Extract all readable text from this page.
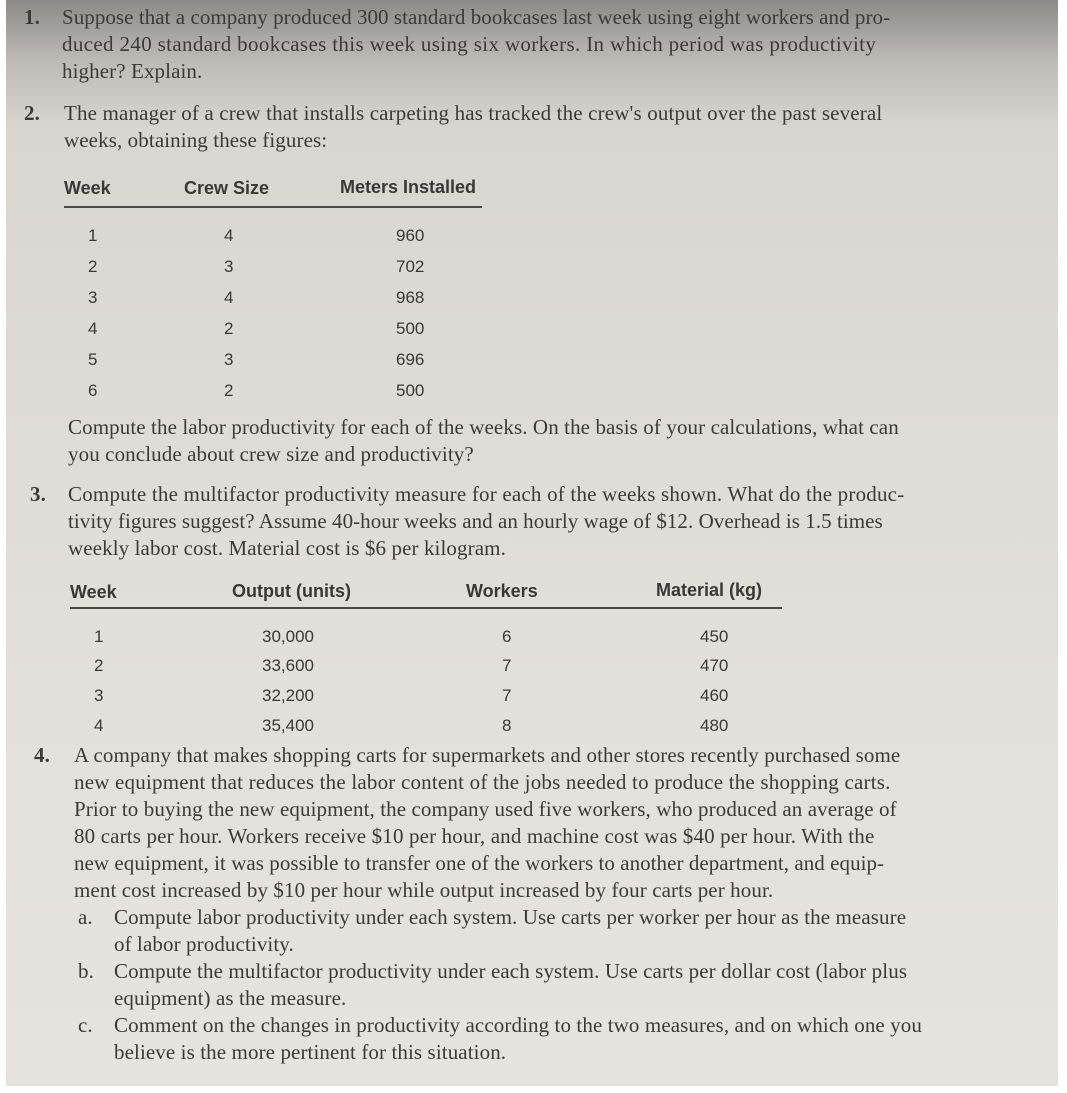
1. Suppose that a company produced 300 standard bookcases last week using eight workers and pro-
duced 240 standard bookcases this week using six workers. In which period was productivity
higher? Explain.
2. The manager of a crew that installs carpeting has tracked the crew's output over the past several
weeks, obtaining these figures:
Week	Crew Size	Meters Installed
1	4	960
2	3	702
3	4	968
4	2	500
5	3	696
6	2	500
Compute the labor productivity for each of the weeks. On the basis of your calculations, what can
you conclude about crew size and productivity?
3. Compute the multifactor productivity measure for each of the weeks shown. What do the produc-
tivity figures suggest? Assume 40-hour weeks and an hourly wage of $12. Overhead is 1.5 times
weekly labor cost. Material cost is $6 per kilogram.
Week	Output (units)	Workers	Material (kg)
1	30,000	6	450
2	33,600	7	470
3	32,200	7	460
4	35,400	8	480
4. A company that makes shopping carts for supermarkets and other stores recently purchased some
new equipment that reduces the labor content of the jobs needed to produce the shopping carts.
Prior to buying the new equipment, the company used five workers, who produced an average of
80 carts per hour. Workers receive $10 per hour, and machine cost was $40 per hour. With the
new equipment, it was possible to transfer one of the workers to another department, and equip-
ment cost increased by $10 per hour while output increased by four carts per hour.
a. Compute labor productivity under each system. Use carts per worker per hour as the measure
of labor productivity.
b. Compute the multifactor productivity under each system. Use carts per dollar cost (labor plus
equipment) as the measure.
c. Comment on the changes in productivity according to the two measures, and on which one you
believe is the more pertinent for this situation.
